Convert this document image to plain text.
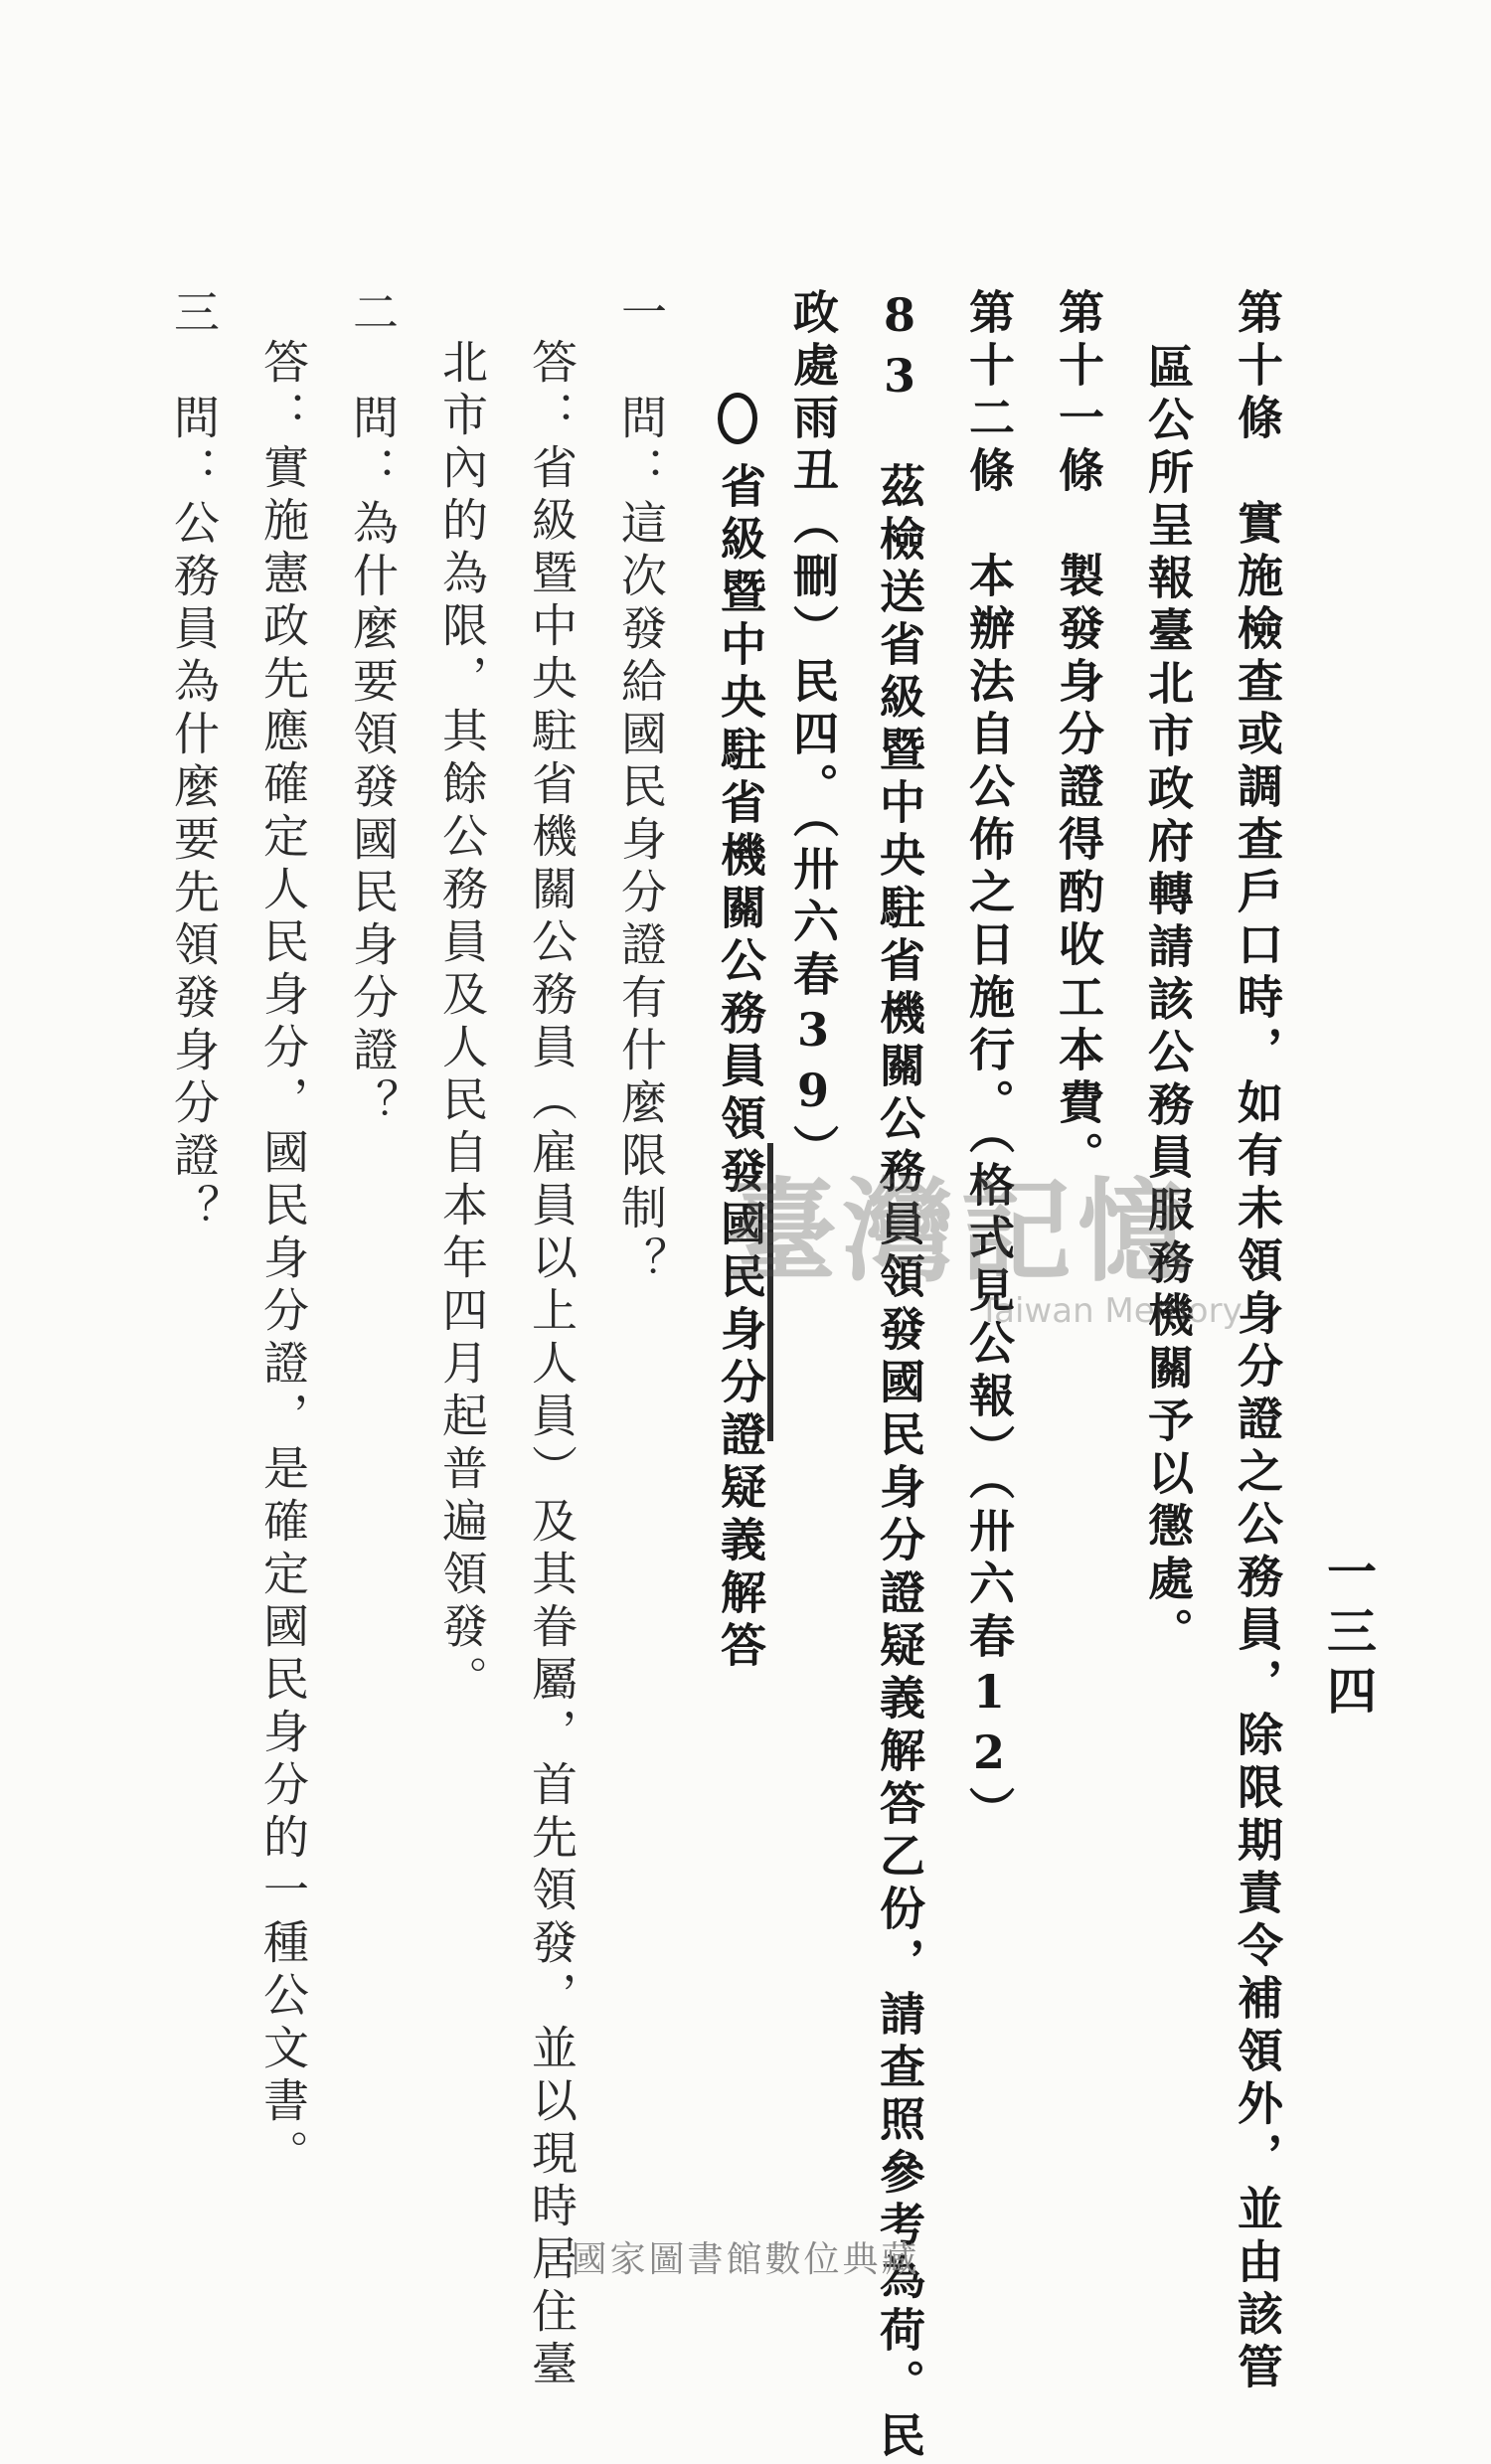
一三四
第十條　實施檢查或調查戶口時，如有未領身分證之公務員，除限期責令補領外，並由該管
區公所呈報臺北市政府轉請該公務員服務機關予以懲處。
第十一條　製發身分證得酌收工本費。
第十二條　本辦法自公佈之日施行。（格式見公報）（卅六春12）
83　茲檢送省級暨中央駐省機關公務員領發國民身分證疑義解答乙份，請查照參考為荷。民
政處雨丑（刪）民四。（卅六春39）
省級暨中央駐省機關公務員領發國民身分證疑義解答
一　問：這次發給國民身分證有什麼限制？
答：省級暨中央駐省機關公務員（雇員以上人員）及其眷屬，首先領發，並以現時居住臺
北市內的為限，其餘公務員及人民自本年四月起普遍領發。
二　問：為什麼要領發國民身分證？
答：實施憲政先應確定人民身分，國民身分證，是確定國民身分的一種公文書。
三　問：公務員為什麼要先領發身分證？	臺灣記憶
Taiwan Memory
國家圖書館數位典藏
